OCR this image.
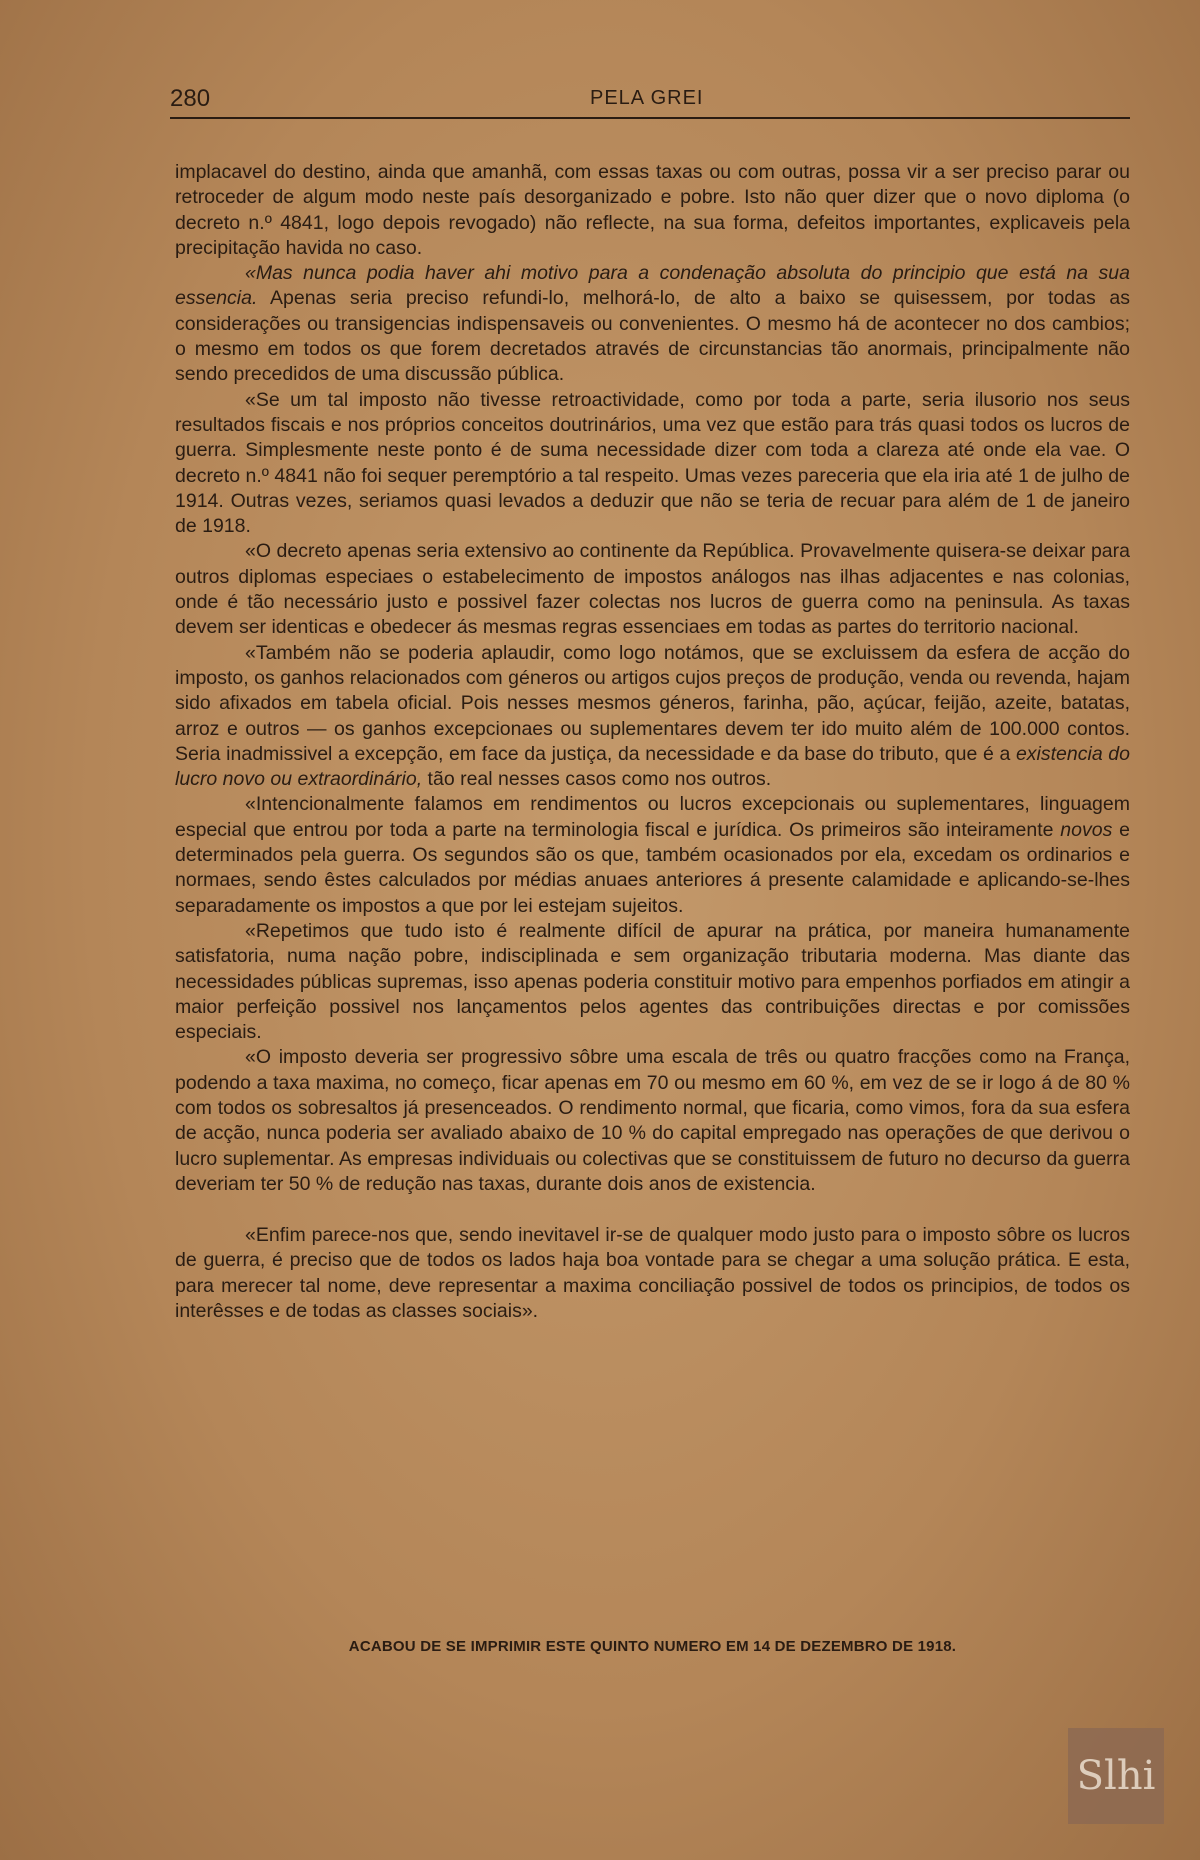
280	PELA GREI

implacavel do destino, ainda que amanhã, com essas taxas ou com outras, possa vir a ser preciso parar ou retroceder de algum modo neste país desorganizado e pobre. Isto não quer dizer que o novo diploma (o decreto n.º 4841, logo depois revogado) não reflecte, na sua forma, defeitos importantes, explicaveis pela precipitação havida no caso.

«Mas nunca podia haver ahi motivo para a condenação absoluta do principio que está na sua essencia. Apenas seria preciso refundi-lo, melhorá-lo, de alto a baixo se quisessem, por todas as considerações ou transigencias indispensaveis ou convenientes. O mesmo há de acontecer no dos cambios; o mesmo em todos os que forem decretados através de circunstancias tão anormais, principalmente não sendo precedidos de uma discussão pública.

«Se um tal imposto não tivesse retroactividade, como por toda a parte, seria ilusorio nos seus resultados fiscais e nos próprios conceitos doutrinários, uma vez que estão para trás quasi todos os lucros de guerra. Simplesmente neste ponto é de suma necessidade dizer com toda a clareza até onde ela vae. O decreto n.º 4841 não foi sequer peremptório a tal respeito. Umas vezes pareceria que ela iria até 1 de julho de 1914. Outras vezes, seriamos quasi levados a deduzir que não se teria de recuar para além de 1 de janeiro de 1918.

«O decreto apenas seria extensivo ao continente da República. Provavelmente quisera-se deixar para outros diplomas especiaes o estabelecimento de impostos análogos nas ilhas adjacentes e nas colonias, onde é tão necessário justo e possivel fazer colectas nos lucros de guerra como na peninsula. As taxas devem ser identicas e obedecer ás mesmas regras essenciaes em todas as partes do territorio nacional.

«Também não se poderia aplaudir, como logo notámos, que se excluissem da esfera de acção do imposto, os ganhos relacionados com géneros ou artigos cujos preços de produção, venda ou revenda, hajam sido afixados em tabela oficial. Pois nesses mesmos géneros, farinha, pão, açúcar, feijão, azeite, batatas, arroz e outros — os ganhos excepcionaes ou suplementares devem ter ido muito além de 100.000 contos. Seria inadmissivel a excepção, em face da justiça, da necessidade e da base do tributo, que é a existencia do lucro novo ou extraordinário, tão real nesses casos como nos outros.

«Intencionalmente falamos em rendimentos ou lucros excepcionais ou suplementares, linguagem especial que entrou por toda a parte na terminologia fiscal e jurídica. Os primeiros são inteiramente novos e determinados pela guerra. Os segundos são os que, também ocasionados por ela, excedam os ordinarios e normaes, sendo êstes calculados por médias anuaes anteriores á presente calamidade e aplicando-se-lhes separadamente os impostos a que por lei estejam sujeitos.

«Repetimos que tudo isto é realmente difícil de apurar na prática, por maneira humanamente satisfatoria, numa nação pobre, indisciplinada e sem organização tributaria moderna. Mas diante das necessidades públicas supremas, isso apenas poderia constituir motivo para empenhos porfiados em atingir a maior perfeição possivel nos lançamentos pelos agentes das contribuições directas e por comissões especiais.

«O imposto deveria ser progressivo sôbre uma escala de três ou quatro fracções como na França, podendo a taxa maxima, no começo, ficar apenas em 70 ou mesmo em 60 %, em vez de se ir logo á de 80 % com todos os sobresaltos já presenceados. O rendimento normal, que ficaria, como vimos, fora da sua esfera de acção, nunca poderia ser avaliado abaixo de 10 % do capital empregado nas operações de que derivou o lucro suplementar. As empresas individuais ou colectivas que se constituissem de futuro no decurso da guerra deveriam ter 50 % de redução nas taxas, durante dois anos de existencia.

«Enfim parece-nos que, sendo inevitavel ir-se de qualquer modo justo para o imposto sôbre os lucros de guerra, é preciso que de todos os lados haja boa vontade para se chegar a uma solução prática. E esta, para merecer tal nome, deve representar a maxima conciliação possivel de todos os principios, de todos os interêsses e de todas as classes sociais».

ACABOU DE SE IMPRIMIR ESTE QUINTO NUMERO EM 14 DE DEZEMBRO DE 1918.
Slhi
